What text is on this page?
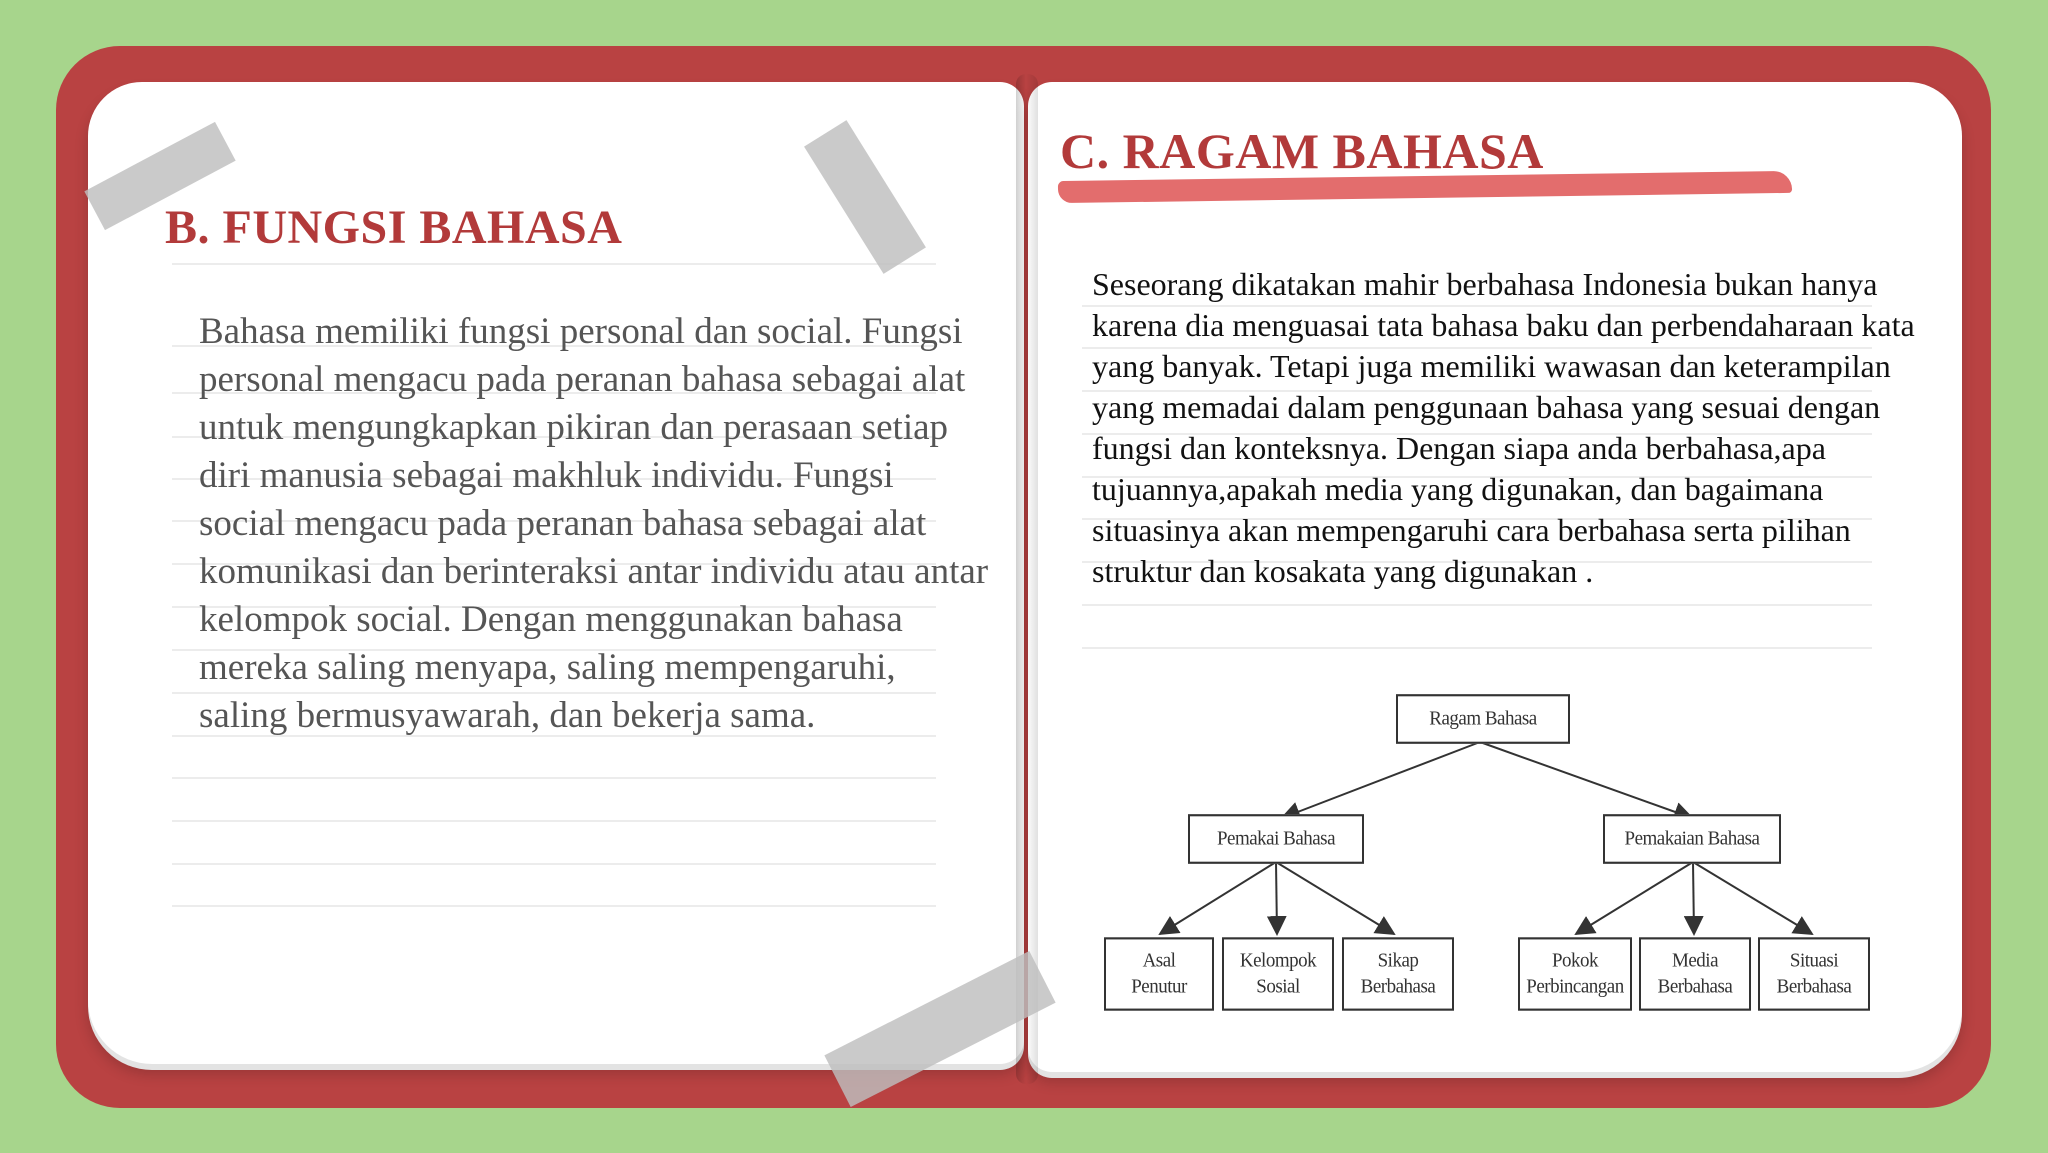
B. FUNGSI BAHASA

Bahasa memiliki fungsi personal dan social. Fungsi personal mengacu pada peranan bahasa sebagai alat untuk mengungkapkan pikiran dan perasaan setiap diri manusia sebagai makhluk individu. Fungsi social mengacu pada peranan bahasa sebagai alat komunikasi dan berinteraksi antar individu atau antar kelompok social. Dengan menggunakan bahasa mereka saling menyapa, saling mempengaruhi, saling bermusyawarah, dan bekerja sama.

C. RAGAM BAHASA

Seseorang dikatakan mahir berbahasa Indonesia bukan hanya karena dia menguasai tata bahasa baku dan perbendaharaan kata yang banyak. Tetapi juga memiliki wawasan dan keterampilan yang memadai dalam penggunaan bahasa yang sesuai dengan fungsi dan konteksnya. Dengan siapa anda berbahasa,apa tujuannya,apakah media yang digunakan, dan bagaimana situasinya akan mempengaruhi cara berbahasa serta pilihan struktur dan kosakata yang digunakan .

Ragam Bahasa
Pemakai Bahasa	Pemakaian Bahasa
Asal
Penutur
Kelompok
Sosial
Sikap
Berbahasa
Pokok
Perbincangan
Media
Berbahasa
Situasi
Berbahasa
